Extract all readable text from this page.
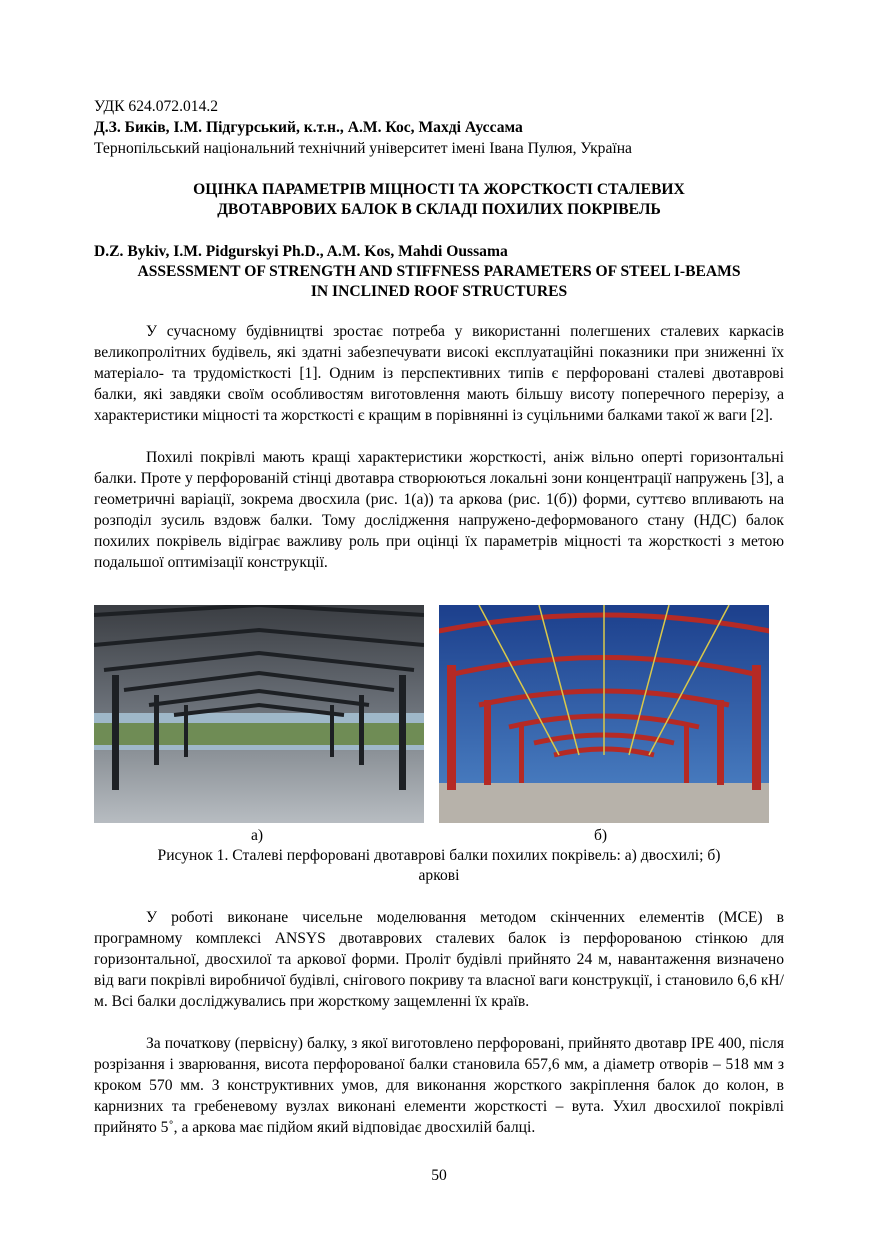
УДК 624.072.014.2
Д.З. Биків, І.М. Підгурський, к.т.н., А.М. Кос, Махді Ауссама
Тернопільський національний технічний університет імені Івана Пулюя, Україна
ОЦІНКА ПАРАМЕТРІВ МІЦНОСТІ ТА ЖОРСТКОСТІ СТАЛЕВИХ
ДВОТАВРОВИХ БАЛОК В СКЛАДІ ПОХИЛИХ ПОКРІВЕЛЬ
D.Z. Bykiv, I.M. Pidgurskyi Ph.D., A.M. Kos, Mahdi Oussama
ASSESSMENT OF STRENGTH AND STIFFNESS PARAMETERS OF STEEL I-BEAMS
IN INCLINED ROOF STRUCTURES
У сучасному будівництві зростає потреба у використанні полегшених сталевих каркасів великопролітних будівель, які здатні забезпечувати високі експлуатаційні показники при зниженні їх матеріало- та трудомісткості [1]. Одним із перспективних типів є перфоровані сталеві двотаврові балки, які завдяки своїм особливостям виготовлення мають більшу висоту поперечного перерізу, а характеристики міцності та жорсткості є кращим в порівнянні із суцільними балками такої ж ваги [2].
Похилі покрівлі мають кращі характеристики жорсткості, аніж вільно оперті горизонтальні балки. Проте у перфорованій стінці двотавра створюються локальні зони концентрації напружень [3], а геометричні варіації, зокрема двосхила (рис. 1(а)) та аркова (рис. 1(б)) форми, суттєво впливають на розподіл зусиль вздовж балки. Тому дослідження напружено-деформованого стану (НДС) балок похилих покрівель відіграє важливу роль при оцінці їх параметрів міцності та жорсткості з метою подальшої оптимізації конструкції.
а)	б)
Рисунок 1. Сталеві перфоровані двотаврові балки похилих покрівель: а) двосхилі; б)
аркові
У роботі виконане чисельне моделювання методом скінченних елементів (МСЕ) в програмному комплексі ANSYS двотаврових сталевих балок із перфорованою стінкою для горизонтальної, двосхилої та аркової форми. Проліт будівлі прийнято 24 м, навантаження визначено від ваги покрівлі виробничої будівлі, снігового покриву та власної ваги конструкції, і становило 6,6 кН/м. Всі балки досліджувались при жорсткому защемленні їх країв.
За початкову (первісну) балку, з якої виготовлено перфоровані, прийнято двотавр IPE 400, після розрізання і зварювання, висота перфорованої балки становила 657,6 мм, а діаметр отворів – 518 мм з кроком 570 мм. З конструктивних умов, для виконання жорсткого закріплення балок до колон, в карнизних та гребеневому вузлах виконані елементи жорсткості – вута. Ухил двосхилої покрівлі прийнято 5˚, а аркова має підйом який відповідає двосхилій балці.
50
